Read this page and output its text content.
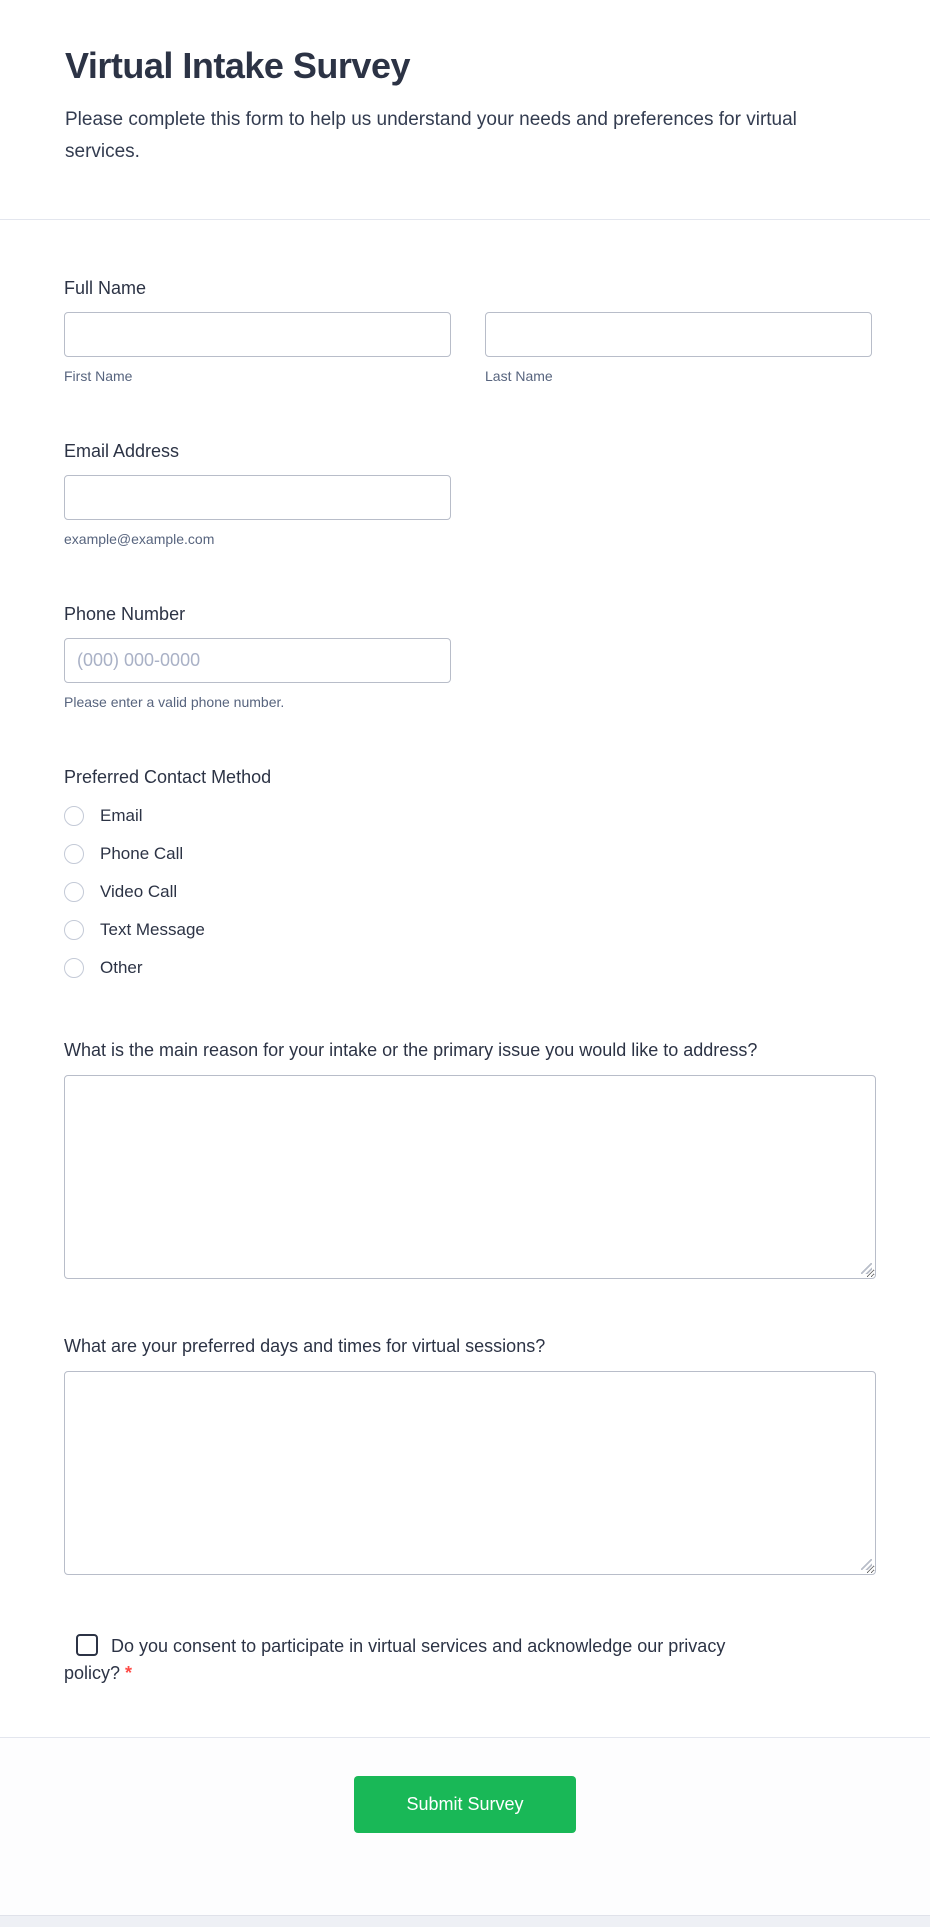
Virtual Intake Survey
Please complete this form to help us understand your needs and preferences for virtual services.
Full Name
First Name	Last Name
Email Address
example@example.com
Phone Number
(000) 000-0000
Please enter a valid phone number.
Preferred Contact Method
Email
Phone Call
Video Call
Text Message
Other
What is the main reason for your intake or the primary issue you would like to address?
What are your preferred days and times for virtual sessions?
Do you consent to participate in virtual services and acknowledge our privacy policy? *
Submit Survey
